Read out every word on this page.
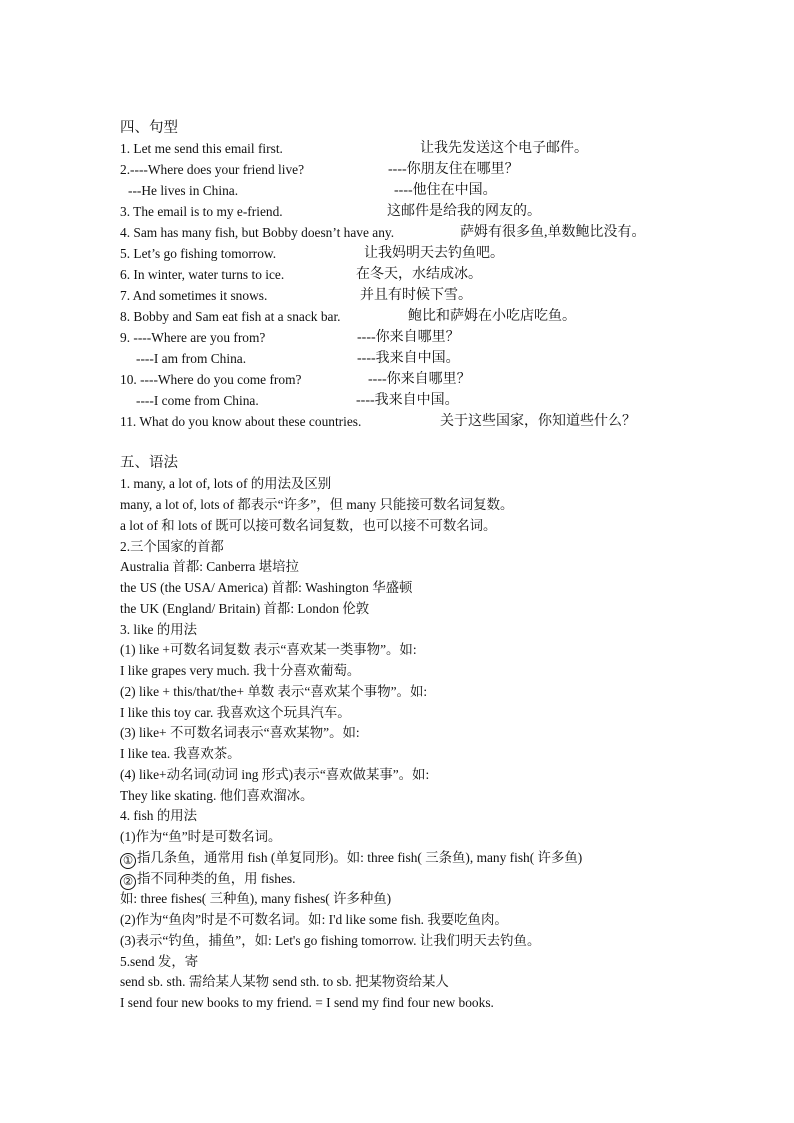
四、句型
1. Let me send this email first.	让我先发送这个电子邮件。
2.----Where does your friend live?	----你朋友住在哪里？
---He lives in China.	----他住在中国。
3. The email is to my e-friend.	这邮件是给我的网友的。
4. Sam has many fish, but Bobby doesn’t have any.	萨姆有很多鱼,单数鲍比没有。
5. Let’s go fishing tomorrow.	让我妈明天去钓鱼吧。
6. In winter, water turns to ice.	在冬天，水结成冰。
7. And sometimes it snows.	并且有时候下雪。
8. Bobby and Sam eat fish at a snack bar.	鲍比和萨姆在小吃店吃鱼。
9. ----Where are you from?	----你来自哪里？
----I am from China.	----我来自中国。
10. ----Where do you come from?	----你来自哪里？
----I come from China.	----我来自中国。
11. What do you know about these countries.	关于这些国家，你知道些什么？
五、语法
1. many, a lot of, lots of 的用法及区别
many, a lot of, lots of 都表示“许多”，但 many 只能接可数名词复数。
a lot of 和 lots of 既可以接可数名词复数，也可以接不可数名词。
2.三个国家的首都
Australia 首都: Canberra 堪培拉
the US (the USA/ America) 首都: Washington 华盛顿
the UK (England/ Britain) 首都: London 伦敦
3. like 的用法
(1) like +可数名词复数 表示“喜欢某一类事物”。如:
I like grapes very much. 我十分喜欢葡萄。
(2) like + this/that/the+ 单数 表示“喜欢某个事物”。如:
I like this toy car. 我喜欢这个玩具汽车。
(3) like+ 不可数名词表示“喜欢某物”。如:
I like tea. 我喜欢茶。
(4) like+动名词(动词 ing 形式)表示“喜欢做某事”。如:
They like skating. 他们喜欢溜冰。
4. fish 的用法
(1)作为“鱼”时是可数名词。
① 指几条鱼，通常用 fish (单复同形)。如: three fish( 三条鱼), many fish( 许多鱼)
② 指不同种类的鱼，用 fishes.
如: three fishes( 三种鱼), many fishes( 许多种鱼)
(2)作为“鱼肉”时是不可数名词。如: I'd like some fish. 我要吃鱼肉。
(3)表示“钓鱼，捕鱼”，如: Let's go fishing tomorrow. 让我们明天去钓鱼。
5.send 发，寄
send sb. sth. 需给某人某物 send sth. to sb. 把某物资给某人
I send four new books to my friend. = I send my find four new books.
